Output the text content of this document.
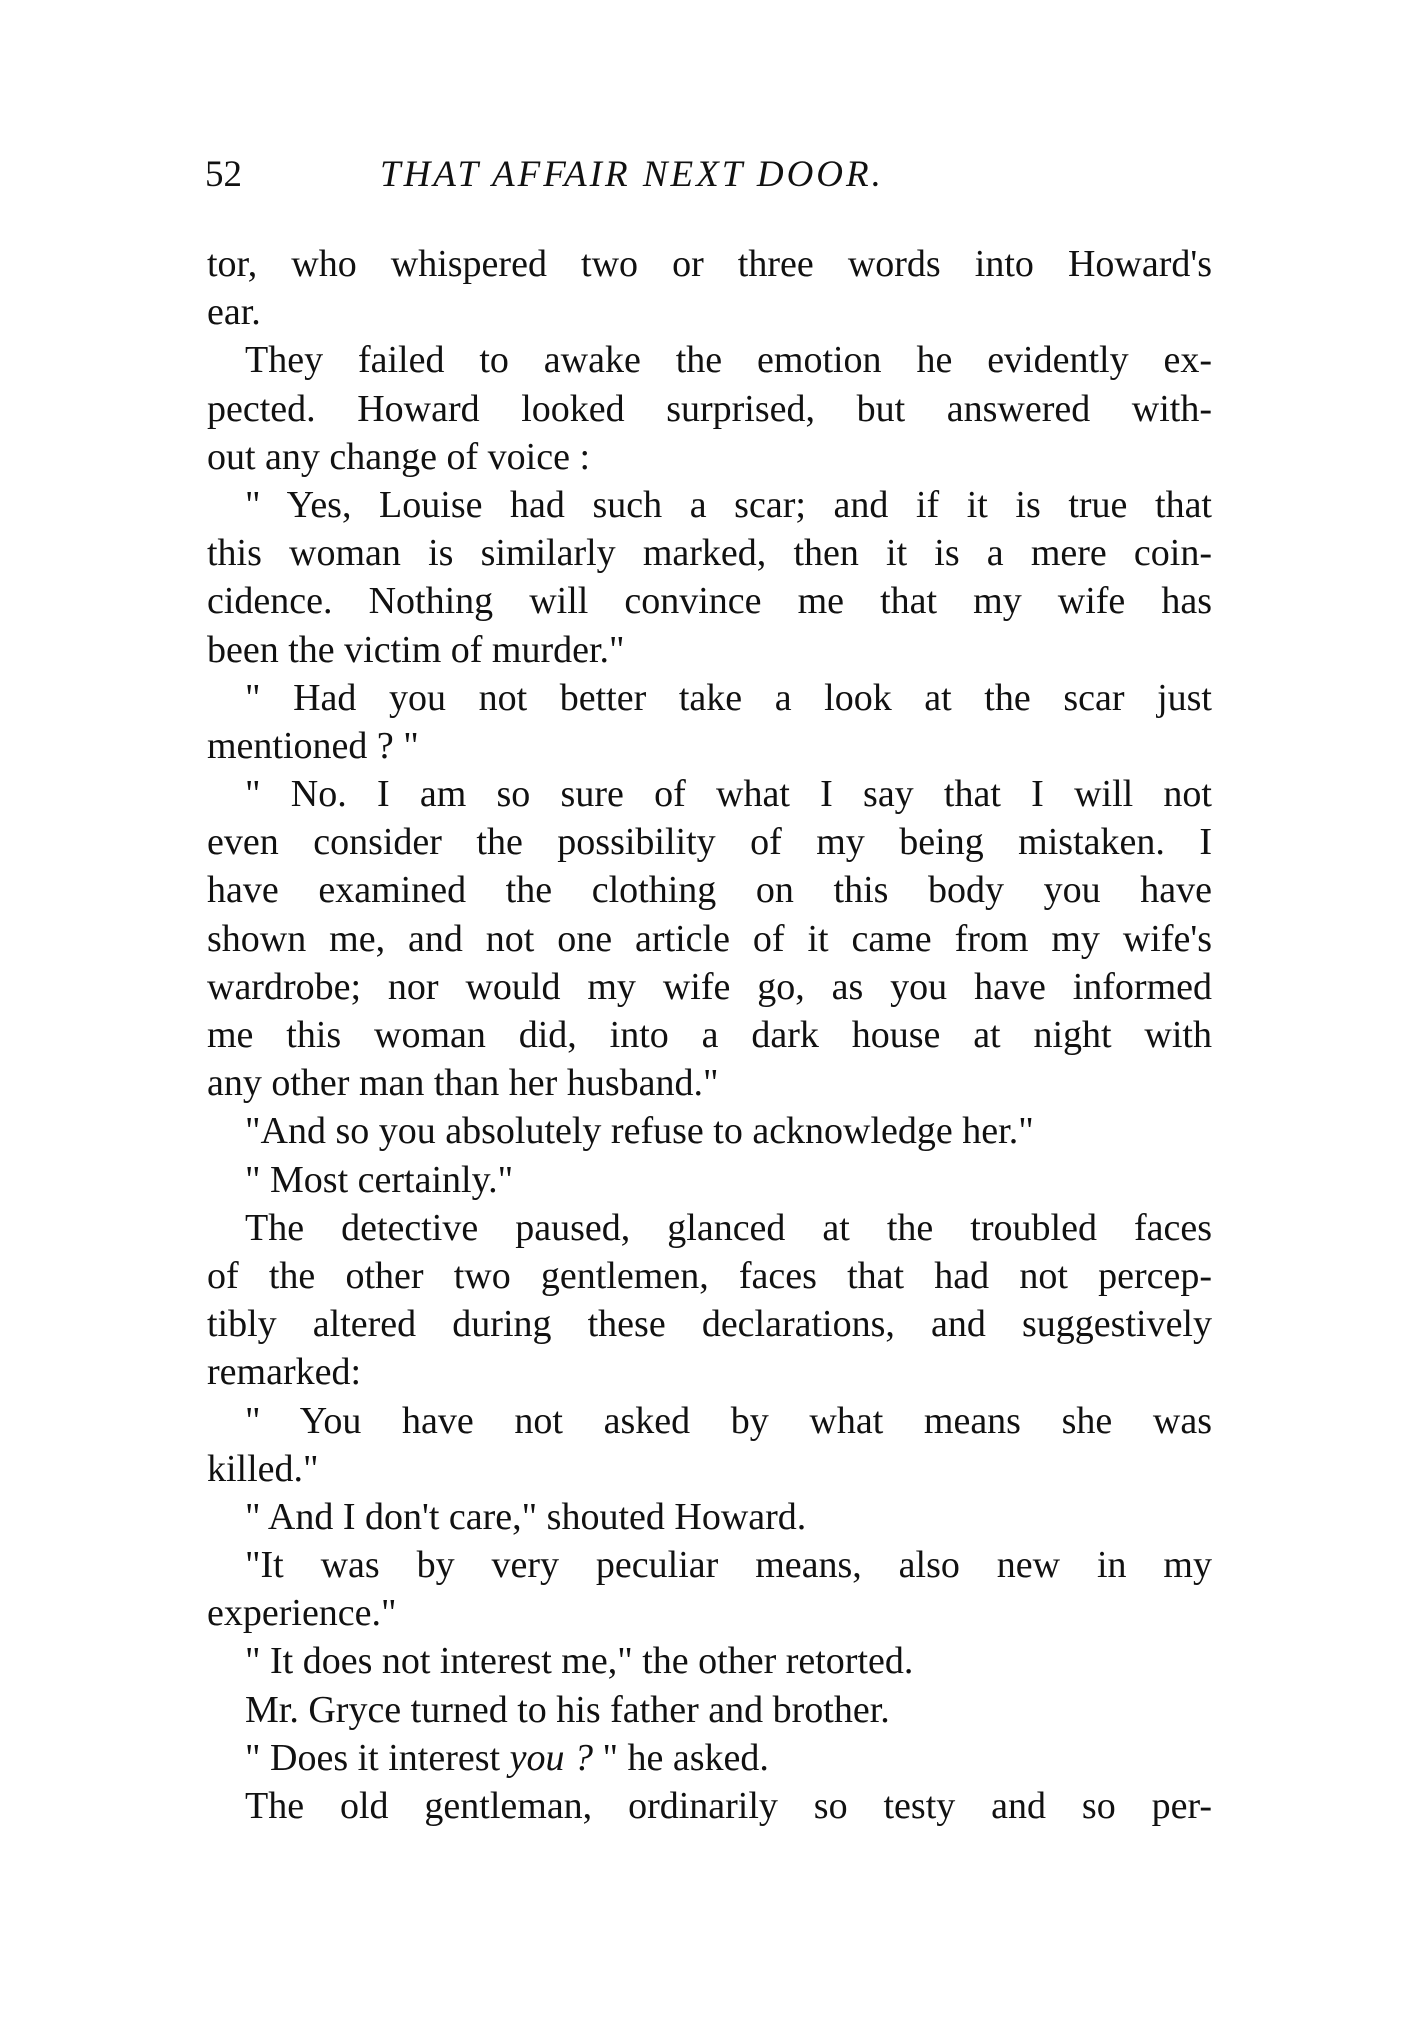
52	THAT AFFAIR NEXT DOOR.
tor, who whispered two or three words into Howard's
ear.
They failed to awake the emotion he evidently ex-
pected. Howard looked surprised, but answered with-
out any change of voice :
" Yes, Louise had such a scar; and if it is true that
this woman is similarly marked, then it is a mere coin-
cidence. Nothing will convince me that my wife has
been the victim of murder."
" Had you not better take a look at the scar just
mentioned ? "
" No. I am so sure of what I say that I will not
even consider the possibility of my being mistaken. I
have examined the clothing on this body you have
shown me, and not one article of it came from my wife's
wardrobe; nor would my wife go, as you have informed
me this woman did, into a dark house at night with
any other man than her husband."
"And so you absolutely refuse to acknowledge her."
" Most certainly."
The detective paused, glanced at the troubled faces
of the other two gentlemen, faces that had not percep-
tibly altered during these declarations, and suggestively
remarked:
" You have not asked by what means she was
killed."
" And I don't care," shouted Howard.
"It was by very peculiar means, also new in my
experience."
" It does not interest me," the other retorted.
Mr. Gryce turned to his father and brother.
" Does it interest you ? " he asked.
The old gentleman, ordinarily so testy and so per-
